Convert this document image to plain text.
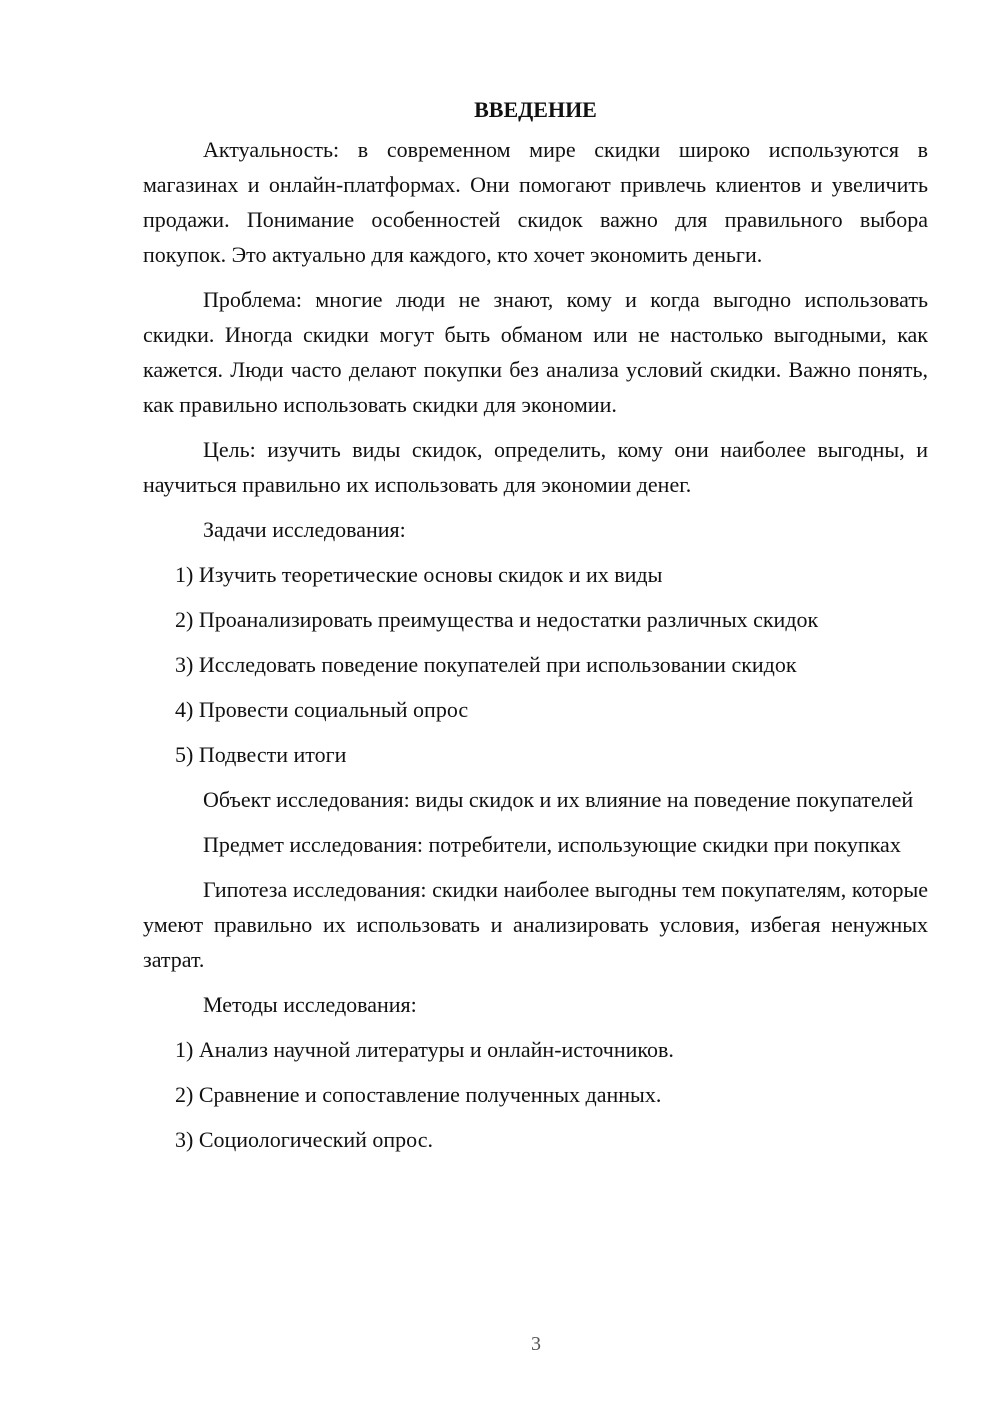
ВВЕДЕНИЕ

Актуальность: в современном мире скидки широко используются в магазинах и онлайн-платформах. Они помогают привлечь клиентов и увеличить продажи. Понимание особенностей скидок важно для правильного выбора покупок. Это актуально для каждого, кто хочет экономить деньги.

Проблема: многие люди не знают, кому и когда выгодно использовать скидки. Иногда скидки могут быть обманом или не настолько выгодными, как кажется. Люди часто делают покупки без анализа условий скидки. Важно понять, как правильно использовать скидки для экономии.

Цель: изучить виды скидок, определить, кому они наиболее выгодны, и научиться правильно их использовать для экономии денег.

Задачи исследования:

1) Изучить теоретические основы скидок и их виды
2) Проанализировать преимущества и недостатки различных скидок
3) Исследовать поведение покупателей при использовании скидок
4) Провести социальный опрос
5) Подвести итоги

Объект исследования: виды скидок и их влияние на поведение покупателей

Предмет исследования: потребители, использующие скидки при покупках

Гипотеза исследования: скидки наиболее выгодны тем покупателям, которые умеют правильно их использовать и анализировать условия, избегая ненужных затрат.

Методы исследования:

1) Анализ научной литературы и онлайн-источников.
2) Сравнение и сопоставление полученных данных.
3) Социологический опрос.
3
